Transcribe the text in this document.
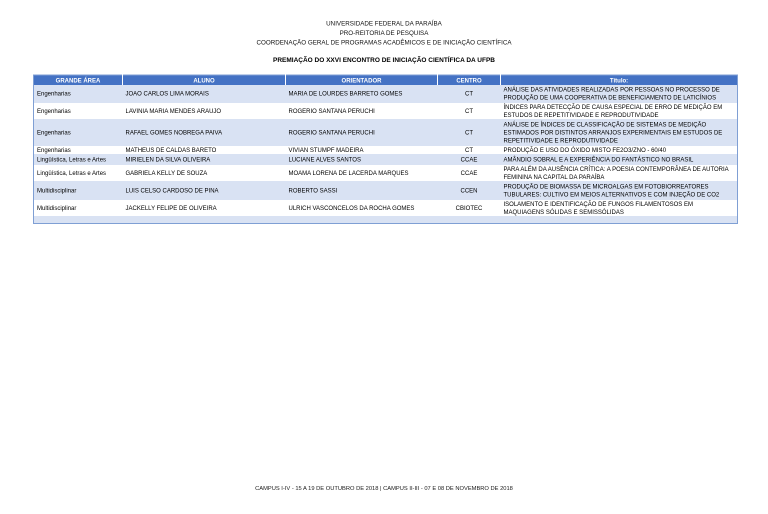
UNIVERSIDADE FEDERAL DA PARAÍBA
PRO-REITORIA DE PESQUISA
COORDENAÇÃO GERAL DE PROGRAMAS ACADÊMICOS E DE INICIAÇÃO CIENTÍFICA
PREMIAÇÃO DO XXVI ENCONTRO DE INICIAÇÃO CIENTÍFICA DA UFPB
GRANDE ÁREA	ALUNO	ORIENTADOR	CENTRO	Título:
Engenharias	JOAO CARLOS LIMA MORAIS	MARIA DE LOURDES BARRETO GOMES	CT	ANÁLISE DAS ATIVIDADES REALIZADAS POR PESSOAS NO PROCESSO DE PRODUÇÃO DE UMA COOPERATIVA DE BENEFICIAMENTO DE LATICÍNIOS
Engenharias	LAVINIA MARIA MENDES ARAUJO	ROGERIO SANTANA PERUCHI	CT	ÍNDICES PARA DETECÇÃO DE CAUSA ESPECIAL DE ERRO DE MEDIÇÃO EM ESTUDOS DE REPETITIVIDADE E REPRODUTIVIDADE
Engenharias	RAFAEL GOMES NOBREGA PAIVA	ROGERIO SANTANA PERUCHI	CT	ANÁLISE DE ÍNDICES DE CLASSIFICAÇÃO DE SISTEMAS DE MEDIÇÃO ESTIMADOS POR DISTINTOS ARRANJOS EXPERIMENTAIS EM ESTUDOS DE REPETITIVIDADE E REPRODUTIVIDADE
Engenharias	MATHEUS DE CALDAS BARETO	VIVIAN STUMPF MADEIRA	CT	PRODUÇÃO E USO DO ÓXIDO MISTO FE2O3/ZNO - 60/40
Lingüística, Letras e Artes	MIRIELEN DA SILVA OLIVEIRA	LUCIANE ALVES SANTOS	CCAE	AMÂNDIO SOBRAL E A EXPERIÊNCIA DO FANTÁSTICO NO BRASIL
Lingüística, Letras e Artes	GABRIELA KELLY DE SOUZA	MOAMA LORENA DE LACERDA MARQUES	CCAE	PARA ALÉM DA AUSÊNCIA CRÍTICA: A POESIA CONTEMPORÂNEA DE AUTORIA FEMININA NA CAPITAL DA PARAÍBA
Multidisciplinar	LUIS CELSO CARDOSO DE PINA	ROBERTO SASSI	CCEN	PRODUÇÃO DE BIOMASSA DE MICROALGAS EM FOTOBIORREATORES TUBULARES: CULTIVO EM MEIOS ALTERNATIVOS E COM INJEÇÃO DE CO2
Multidisciplinar	JACKELLY FELIPE DE OLIVEIRA	ULRICH VASCONCELOS DA ROCHA GOMES	CBIOTEC	ISOLAMENTO E IDENTIFICAÇÃO DE FUNGOS FILAMENTOSOS EM MAQUIAGENS SÓLIDAS E SEMISSÓLIDAS

CAMPUS I-IV - 15 A 19 DE OUTUBRO DE 2018 | CAMPUS II-III - 07 E 08 DE NOVEMBRO DE 2018
